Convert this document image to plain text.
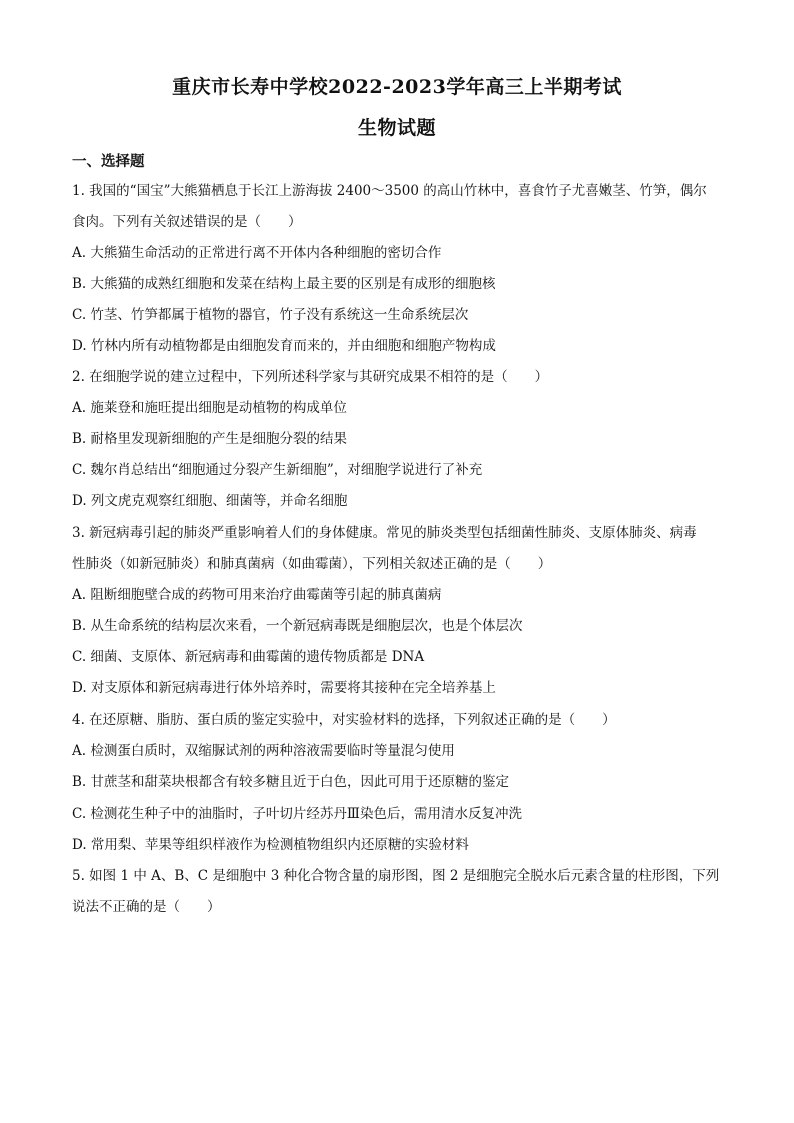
重庆市长寿中学校2022-2023学年高三上半期考试
生物试题
一、选择题
1. 我国的“国宝”大熊猫栖息于长江上游海拔 2400～3500 的高山竹林中，喜食竹子尤喜嫩茎、竹笋，偶尔
食肉。下列有关叙述错误的是（　　）
A. 大熊猫生命活动的正常进行离不开体内各种细胞的密切合作
B. 大熊猫的成熟红细胞和发菜在结构上最主要的区别是有成形的细胞核
C. 竹茎、竹笋都属于植物的器官，竹子没有系统这一生命系统层次
D. 竹林内所有动植物都是由细胞发育而来的，并由细胞和细胞产物构成
2. 在细胞学说的建立过程中，下列所述科学家与其研究成果不相符的是（　　）
A. 施莱登和施旺提出细胞是动植物的构成单位
B. 耐格里发现新细胞的产生是细胞分裂的结果
C. 魏尔肖总结出“细胞通过分裂产生新细胞”，对细胞学说进行了补充
D. 列文虎克观察红细胞、细菌等，并命名细胞
3. 新冠病毒引起的肺炎严重影响着人们的身体健康。常见的肺炎类型包括细菌性肺炎、支原体肺炎、病毒
性肺炎（如新冠肺炎）和肺真菌病（如曲霉菌），下列相关叙述正确的是（　　）
A. 阻断细胞壁合成的药物可用来治疗曲霉菌等引起的肺真菌病
B. 从生命系统的结构层次来看，一个新冠病毒既是细胞层次，也是个体层次
C. 细菌、支原体、新冠病毒和曲霉菌的遗传物质都是 DNA
D. 对支原体和新冠病毒进行体外培养时，需要将其接种在完全培养基上
4. 在还原糖、脂肪、蛋白质的鉴定实验中，对实验材料的选择，下列叙述正确的是（　　）
A. 检测蛋白质时，双缩脲试剂的两种溶液需要临时等量混匀使用
B. 甘蔗茎和甜菜块根都含有较多糖且近于白色，因此可用于还原糖的鉴定
C. 检测花生种子中的油脂时，子叶切片经苏丹Ⅲ染色后，需用清水反复冲洗
D. 常用梨、苹果等组织样液作为检测植物组织内还原糖的实验材料
5. 如图 1 中 A、B、C 是细胞中 3 种化合物含量的扇形图，图 2 是细胞完全脱水后元素含量的柱形图，下列
说法不正确的是（　　）
